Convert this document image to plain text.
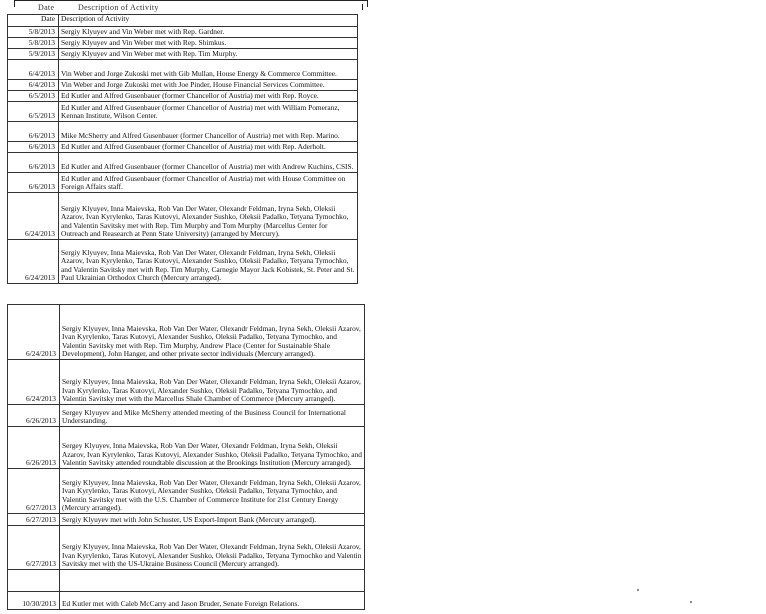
Date	Description of Activity
Date	Description of Activity
5/8/2013	Sergiy Klyuyev and Vin Weber met with Rep. Gardner.
5/8/2013	Sergiy Klyuyev and Vin Weber met with Rep. Shimkus.
5/9/2013	Sergiy Klyuyev and Vin Weber met with Rep. Tim Murphy.
6/4/2013	Vin Weber and Jorge Zukoski met with Gib Mullan, House Energy & Commerce Committee.
6/4/2013	Vin Weber and Jorge Zukoski met with Joe Pinder, House Financial Services Committee.
6/5/2013	Ed Kutler and Alfred Gusenbauer (former Chancellor of Austria) met with Rep. Royce.
6/5/2013	Ed Kutler and Alfred Gusenbauer (former Chancellor of Austria) met with William Pomeranz, Kennan Institute, Wilson Center.
6/6/2013	Mike McSherry and Alfred Gusenbauer (former Chancellor of Austria) met with Rep. Marino.
6/6/2013	Ed Kutler and Alfred Gusenbauer (former Chancellor of Austria) met with Rep. Aderholt.
6/6/2013	Ed Kutler and Alfred Gusenbauer (former Chancellor of Austria) met with Andrew Kuchins, CSIS.
6/6/2013	Ed Kutler and Alfred Gusenbauer (former Chancellor of Austria) met with House Committee on Foreign Affairs staff.
6/24/2013	Sergiy Klyuyev, Inna Maievska, Rob Van Der Water, Olexandr Feldman, Iryna Sekh, Oleksii Azarov, Ivan Kyrylenko, Taras Kutovyi, Alexander Sushko, Oleksii Padalko, Tetyana Tymochko, and Valentin Savitsky met with Rep. Tim Murphy and Tom Murphy (Marcellus Center for Outreach and Reasearch at Penn State University) (arranged by Mercury).
6/24/2013	Sergiy Klyuyev, Inna Maievska, Rob Van Der Water, Olexandr Feldman, Iryna Sekh, Oleksii Azarov, Ivan Kyrylenko, Taras Kutovyi, Alexander Sushko, Oleksii Padalko, Tetyana Tymochko, and Valentin Savitsky met with Rep. Tim Murphy, Carnegie Mayor Jack Kobistek, St. Peter and St. Paul Ukrainian Orthodox Church (Mercury arranged).
6/24/2013	Sergiy Klyuyev, Inna Maievska, Rob Van Der Water, Olexandr Feldman, Iryna Sekh, Oleksii Azarov, Ivan Kyrylenko, Taras Kutovyi, Alexander Sushko, Oleksii Padalko, Tetyana Tymochko, and Valentin Savitsky met with Rep. Tim Murphy, Andrew Place (Center for Sustainable Shale Development), John Hanger, and other private sector individuals (Mercury arranged).
6/24/2013	Sergiy Klyuyev, Inna Maievska, Rob Van Der Water, Olexandr Feldman, Iryna Sekh, Oleksii Azarov, Ivan Kyrylenko, Taras Kutovyi, Alexander Sushko, Oleksii Padalko, Tetyana Tymochko, and Valentin Savitsky met with the Marcellus Shale Chamber of Commerce (Mercury arranged).
6/26/2013	Sergey Klyuyev and Mike McSherry attended meeting of the Business Council for International Understanding.
6/26/2013	Sergey Klyuyev, Inna Maievska, Rob Van Der Water, Olexandr Feldman, Iryna Sekh, Oleksii Azarov, Ivan Kyrylenko, Taras Kutovyi, Alexander Sushko, Oleksii Padalko, Tetyana Tymochko, and Valentin Savitsky attended roundtable discussion at the Brookings Institution (Mercury arranged).
6/27/2013	Sergiy Klyuyev, Inna Maievska, Rob Van Der Water, Olexandr Feldman, Iryna Sekh, Oleksii Azarov, Ivan Kyrylenko, Taras Kutovyi, Alexander Sushko, Oleksii Padalko, Tetyana Tymochko, and Valentin Savitsky met with the U.S. Chamber of Commerce Institute for 21st Century Energy (Mercury arranged).
6/27/2013	Sergiy Klyuyev met with John Schuster, US Export-Import Bank (Mercury arranged).
6/27/2013	Sergiy Klyuyev, Inna Maievska, Rob Van Der Water, Olexandr Feldman, Iryna Sekh, Oleksii Azarov, Ivan Kyrylenko, Taras Kutovyi, Alexander Sushko, Oleksii Padalko, Tetyana Tymochko and Valentin Savitsky met with the US-Ukraine Business Council (Mercury arranged).

10/30/2013	Ed Kutler met with Caleb McCarry and Jason Bruder, Senate Foreign Relations.
